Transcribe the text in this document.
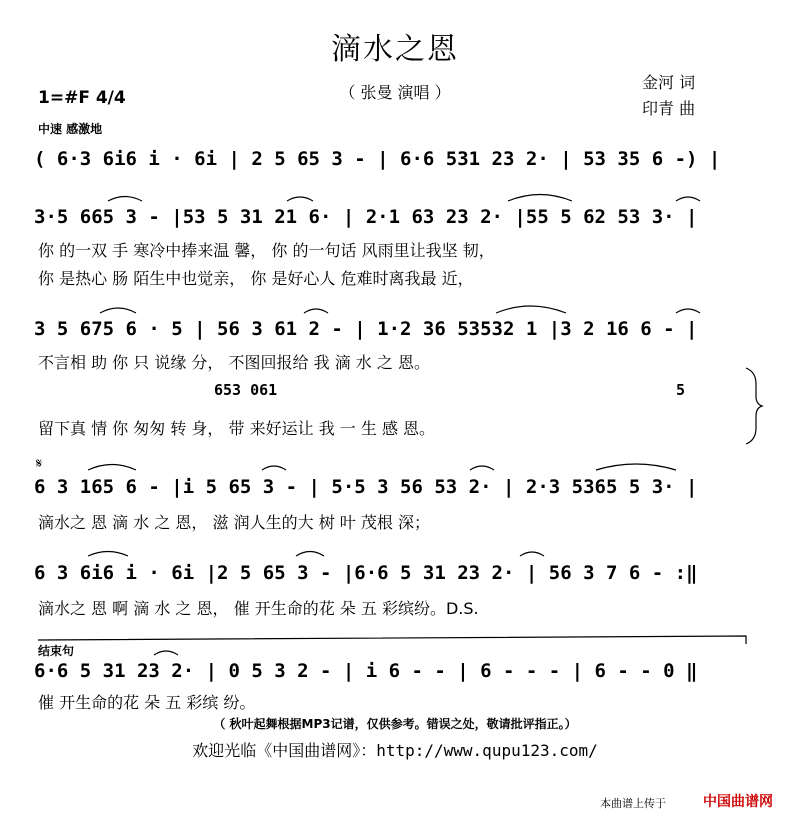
滴水之恩
（ 张曼 演唱 ）
金河 词
印青 曲
1=#F 4/4
中速 感激地
( 6·3 6i6 i · 6i | 2 5 65 3 - | 6·6 531 23 2· | 53 35 6 -) |
3·5 665 3 - |53 5 31 21 6· | 2·1 63 23 2· |55 5 62 53 3· |
你 的一双 手 寒冷中捧来温 馨， 你 的一句话 风雨里让我坚 韧，
你 是热心 肠 陌生中也觉亲， 你 是好心人 危难时离我最 近，
3 5 675 6 · 5 | 56 3 61 2 - | 1·2 36 53532 1 |3 2 16 6 - |
不言相 助 你 只 说缘 分， 不图回报给 我 滴 水 之 恩。
653 061	5
留下真 情 你 匆匆 转 身， 带 来好运让 我 一 生 感 恩。
𝄋
6 3 165 6 - |i 5 65 3 - | 5·5 3 56 53 2· | 2·3 5365 5 3· |
滴水之 恩 滴 水 之 恩， 滋 润人生的大 树 叶 茂根 深；
6 3 6i6 i · 6i |2 5 65 3 - |6·6 5 31 23 2· | 56 3 7 6 - :‖
滴水之 恩 啊 滴 水 之 恩， 催 开生命的花 朵 五 彩缤纷。D.S.
结束句
6·6 5 31 23 2· | 0 5 3 2 - | i 6 - - | 6 - - - | 6 - - 0 ‖
催 开生命的花 朵 五 彩缤 纷。
（ 秋叶起舞根据MP3记谱，仅供参考。错误之处，敬请批评指正。）
欢迎光临《中国曲谱网》：http://www.qupu123.com/
本曲谱上传于	中国曲谱网
